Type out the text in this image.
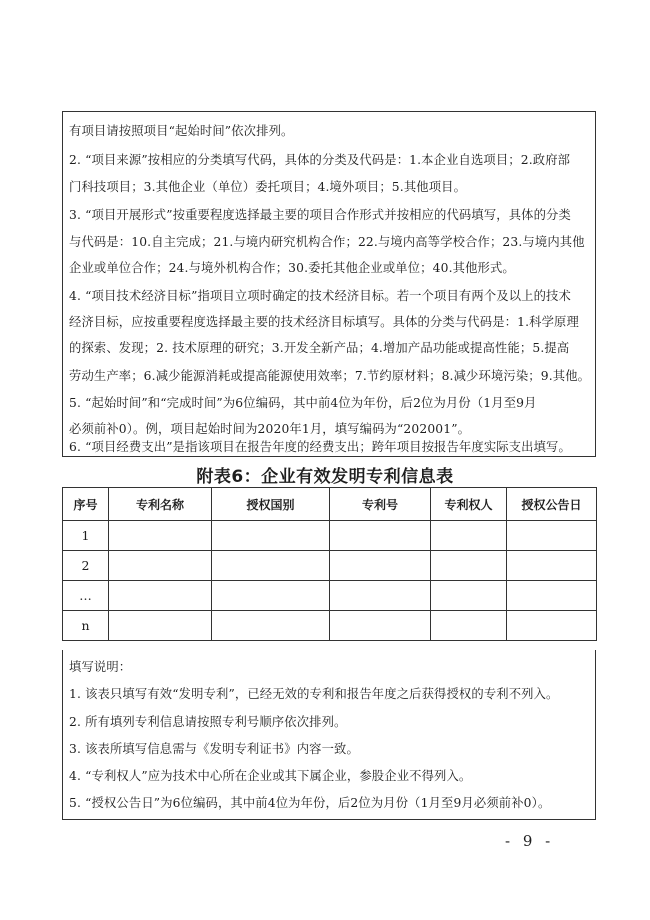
有项目请按照项目“起始时间”依次排列。
2. “项目来源”按相应的分类填写代码，具体的分类及代码是：1.本企业自选项目；2.政府部
门科技项目；3.其他企业（单位）委托项目；4.境外项目；5.其他项目。
3. “项目开展形式”按重要程度选择最主要的项目合作形式并按相应的代码填写，具体的分类
与代码是：10.自主完成；21.与境内研究机构合作；22.与境内高等学校合作；23.与境内其他
企业或单位合作；24.与境外机构合作；30.委托其他企业或单位；40.其他形式。
4. “项目技术经济目标”指项目立项时确定的技术经济目标。若一个项目有两个及以上的技术
经济目标，应按重要程度选择最主要的技术经济目标填写。具体的分类与代码是：1.科学原理
的探索、发现；2. 技术原理的研究；3.开发全新产品；4.增加产品功能或提高性能；5.提高
劳动生产率；6.减少能源消耗或提高能源使用效率；7.节约原材料；8.减少环境污染；9.其他。
5. “起始时间”和“完成时间”为6位编码，其中前4位为年份，后2位为月份（1月至9月
必须前补0）。例，项目起始时间为2020年1月，填写编码为“202001”。
6. “项目经费支出”是指该项目在报告年度的经费支出；跨年项目按报告年度实际支出填写。
附表6：企业有效发明专利信息表
序号	专利名称	授权国别	专利号	专利权人	授权公告日
1					
2					
…					
n					
填写说明：
1. 该表只填写有效“发明专利”，已经无效的专利和报告年度之后获得授权的专利不列入。
2. 所有填列专利信息请按照专利号顺序依次排列。
3. 该表所填写信息需与《发明专利证书》内容一致。
4. “专利权人”应为技术中心所在企业或其下属企业，参股企业不得列入。
5. “授权公告日”为6位编码，其中前4位为年份，后2位为月份（1月至9月必须前补0）。
- 9 -
